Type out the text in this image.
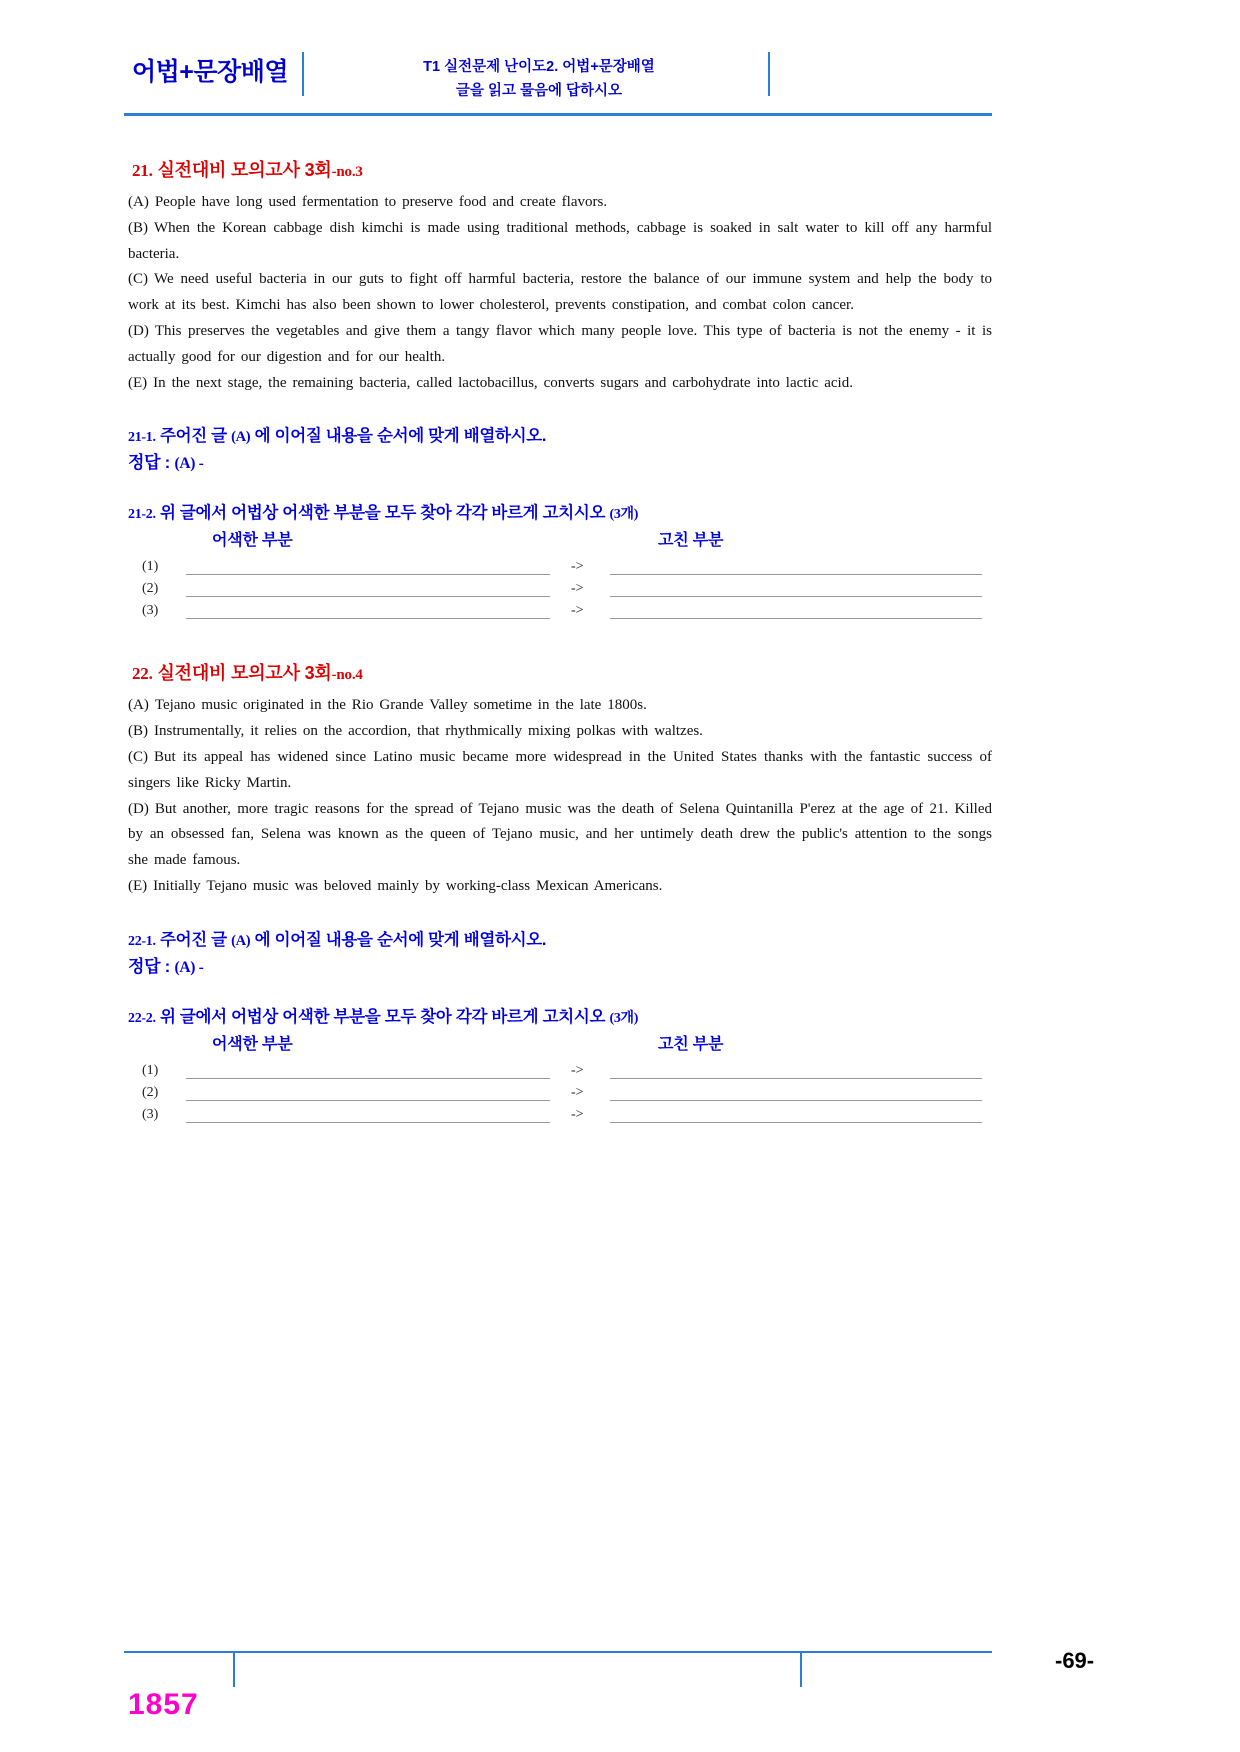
어법+문장배열	T1 실전문제 난이도2. 어법+문장배열
글을 읽고 물음에 답하시오
21. 실전대비 모의고사 3회-no.3

(A) People have long used fermentation to preserve food and create flavors.

(B) When the Korean cabbage dish kimchi is made using traditional methods, cabbage is soaked in salt water to kill off any harmful bacteria.

(C) We need useful bacteria in our guts to fight off harmful bacteria, restore the balance of our immune system and help the body to work at its best. Kimchi has also been shown to lower cholesterol, prevents constipation, and combat colon cancer.

(D) This preserves the vegetables and give them a tangy flavor which many people love. This type of bacteria is not the enemy - it is actually good for our digestion and for our health.

(E) In the next stage, the remaining bacteria, called lactobacillus, converts sugars and carbohydrate into lactic acid.

21-1. 주어진 글 (A) 에 이어질 내용을 순서에 맞게 배열하시오.
정답 : (A) -
21-2. 위 글에서 어법상 어색한 부분을 모두 찾아 각각 바르게 고치시오 (3개)
어색한 부분	고친 부분
(1)	->
(2)	->
(3)	->
22. 실전대비 모의고사 3회-no.4

(A) Tejano music originated in the Rio Grande Valley sometime in the late 1800s.

(B) Instrumentally, it relies on the accordion, that rhythmically mixing polkas with waltzes.

(C) But its appeal has widened since Latino music became more widespread in the United States thanks with the fantastic success of singers like Ricky Martin.

(D) But another, more tragic reasons for the spread of Tejano music was the death of Selena Quintanilla P'erez at the age of 21. Killed by an obsessed fan, Selena was known as the queen of Tejano music, and her untimely death drew the public's attention to the songs she made famous.

(E) Initially Tejano music was beloved mainly by working-class Mexican Americans.

22-1. 주어진 글 (A) 에 이어질 내용을 순서에 맞게 배열하시오.
정답 : (A) -
22-2. 위 글에서 어법상 어색한 부분을 모두 찾아 각각 바르게 고치시오 (3개)
어색한 부분	고친 부분
(1)	->
(2)	->
(3)	->
1857
-69-
